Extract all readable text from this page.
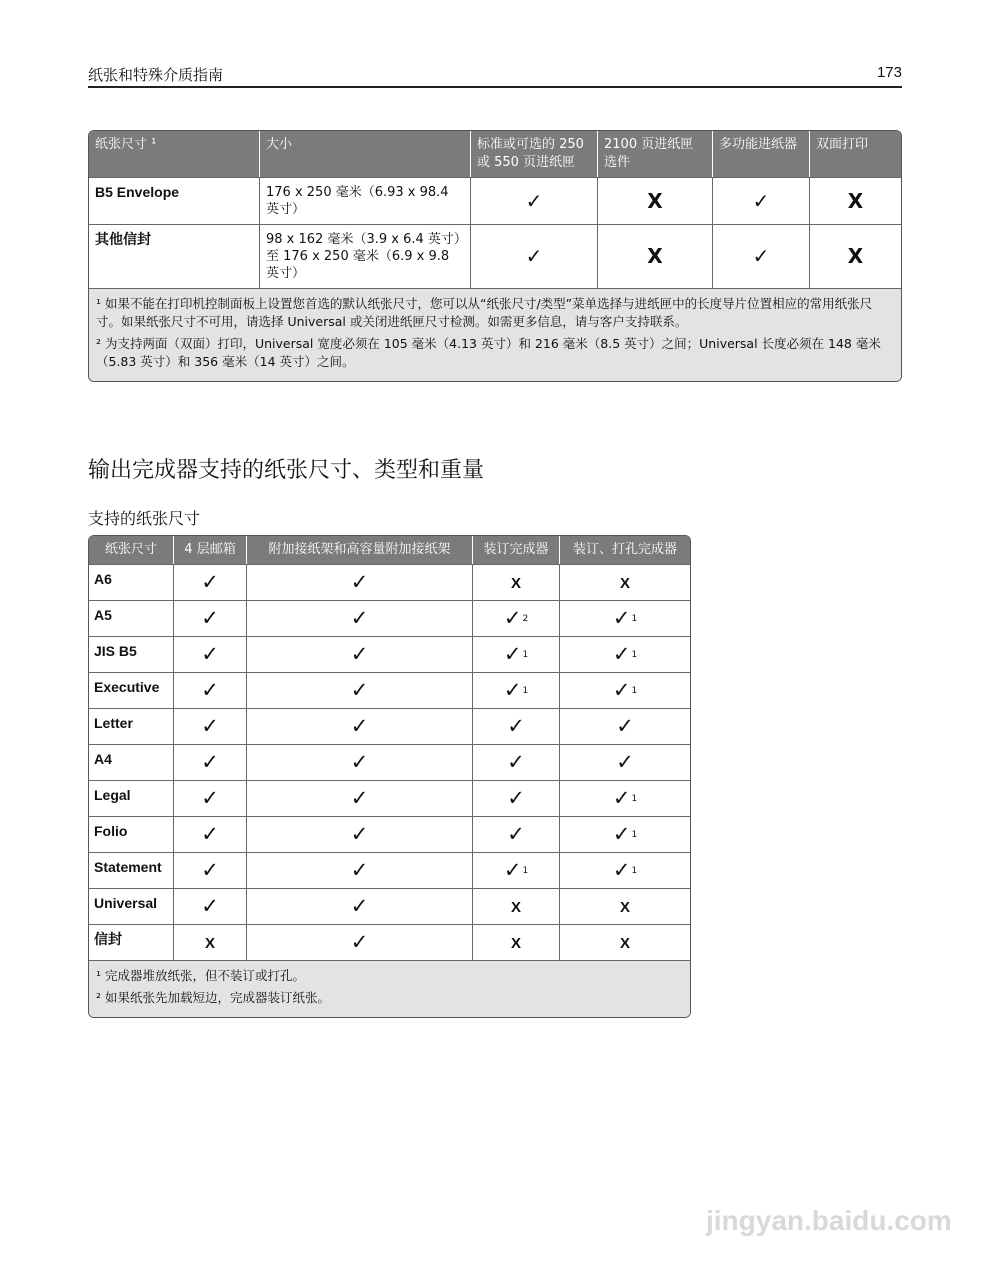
纸张和特殊介质指南	173
纸张尺寸 ¹	大小	标准或可选的 250 或 550 页进纸匣	2100 页进纸匣选件	多功能进纸器	双面打印
B5 Envelope	176 x 250 毫米（6.93 x 98.4 英寸）	✓	X	✓	X
其他信封	98 x 162 毫米（3.9 x 6.4 英寸）至 176 x 250 毫米（6.9 x 9.8 英寸）	✓	X	✓	X

¹ 如果不能在打印机控制面板上设置您首选的默认纸张尺寸，您可以从“纸张尺寸/类型”菜单选择与进纸匣中的长度导片位置相应的常用纸张尺寸。如果纸张尺寸不可用，请选择 Universal 或关闭进纸匣尺寸检测。如需更多信息，请与客户支持联系。

² 为支持两面（双面）打印，Universal 宽度必须在 105 毫米（4.13 英寸）和 216 毫米（8.5 英寸）之间；Universal 长度必须在 148 毫米（5.83 英寸）和 356 毫米（14 英寸）之间。

输出完成器支持的纸张尺寸、类型和重量
支持的纸张尺寸
纸张尺寸	4 层邮箱	附加接纸架和高容量附加接纸架	装订完成器	装订、打孔完成器
A6	✓	✓	X	X
A5	✓	✓	✓2	✓1
JIS B5	✓	✓	✓1	✓1
Executive	✓	✓	✓1	✓1
Letter	✓	✓	✓	✓
A4	✓	✓	✓	✓
Legal	✓	✓	✓	✓1
Folio	✓	✓	✓	✓1
Statement	✓	✓	✓1	✓1
Universal	✓	✓	X	X
信封	X	✓	X	X

¹ 完成器堆放纸张，但不装订或打孔。

² 如果纸张先加载短边，完成器装订纸张。

jingyan.baidu.com
